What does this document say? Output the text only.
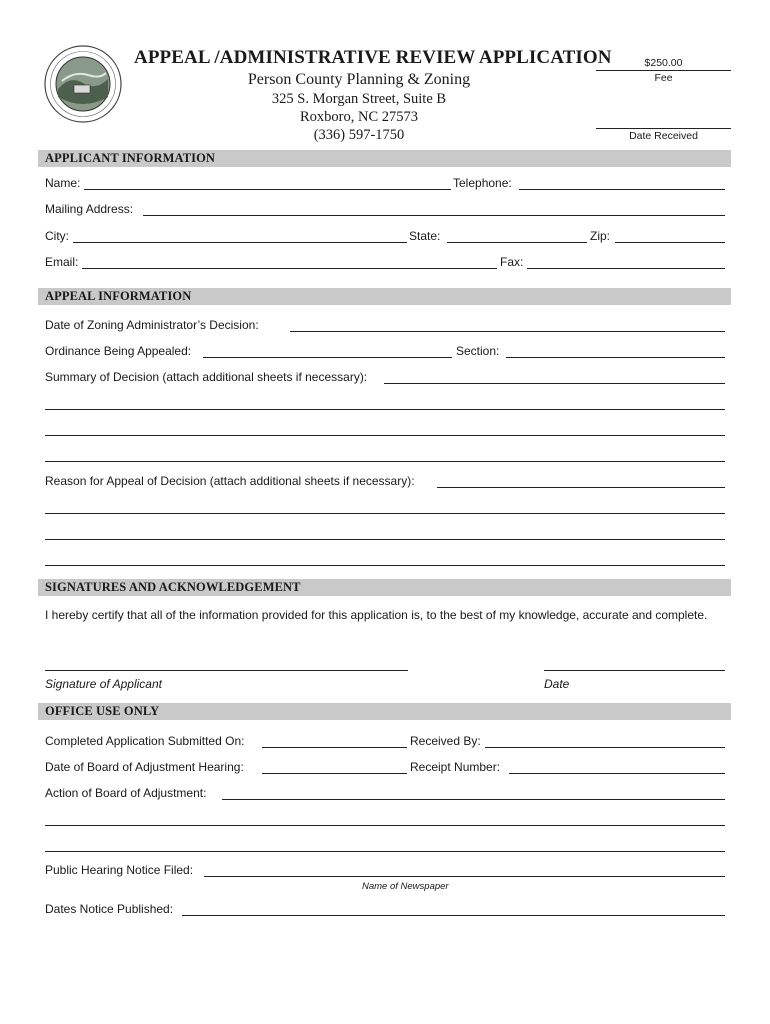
APPEAL /ADMINISTRATIVE REVIEW APPLICATION
Person County Planning & Zoning
325 S. Morgan Street, Suite B
Roxboro, NC 27573
(336) 597-1750
$250.00
Fee
Date Received
APPLICANT INFORMATION
Name:	Telephone:
Mailing Address:
City:	State:	Zip:
Email:	Fax:
APPEAL INFORMATION
Date of Zoning Administrator’s Decision:
Ordinance Being Appealed:	Section:
Summary of Decision (attach additional sheets if necessary):
Reason for Appeal of Decision (attach additional sheets if necessary):
SIGNATURES AND ACKNOWLEDGEMENT
I hereby certify that all of the information provided for this application is, to the best of my knowledge, accurate and complete.
Signature of Applicant	Date
OFFICE USE ONLY
Completed Application Submitted On:	Received By:
Date of Board of Adjustment Hearing:	Receipt Number:
Action of Board of Adjustment:
Public Hearing Notice Filed:
Name of Newspaper
Dates Notice Published:
